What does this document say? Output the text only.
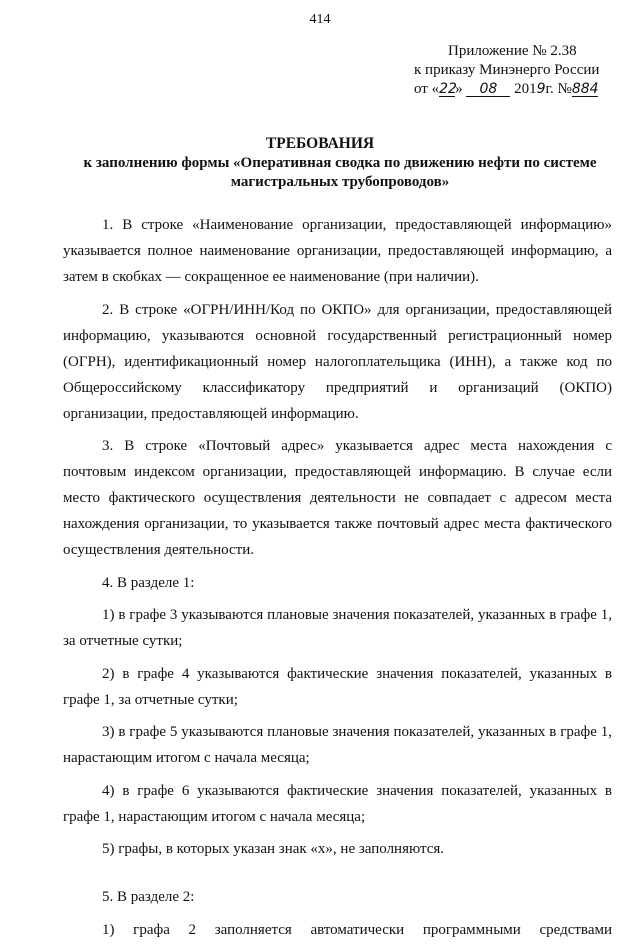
414
Приложение № 2.38
к приказу Минэнерго России
от «22» 08 2019г. №884
ТРЕБОВАНИЯ
к заполнению формы «Оперативная сводка по движению нефти по системе магистральных трубопроводов»

1. В строке «Наименование организации, предоставляющей информацию» указывается полное наименование организации, предоставляющей информацию, а затем в скобках — сокращенное ее наименование (при наличии).

2. В строке «ОГРН/ИНН/Код по ОКПО» для организации, предоставляющей информацию, указываются основной государственный регистрационный номер (ОГРН), идентификационный номер налогоплательщика (ИНН), а также код по Общероссийскому классификатору предприятий и организаций (ОКПО) организации, предоставляющей информацию.

3. В строке «Почтовый адрес» указывается адрес места нахождения с почтовым индексом организации, предоставляющей информацию. В случае если место фактического осуществления деятельности не совпадает с адресом места нахождения организации, то указывается также почтовый адрес места фактического осуществления деятельности.

4. В разделе 1:

1) в графе 3 указываются плановые значения показателей, указанных в графе 1, за отчетные сутки;

2) в графе 4 указываются фактические значения показателей, указанных в графе 1, за отчетные сутки;

3) в графе 5 указываются плановые значения показателей, указанных в графе 1, нарастающим итогом с начала месяца;

4) в графе 6 указываются фактические значения показателей, указанных в графе 1, нарастающим итогом с начала месяца;

5) графы, в которых указан знак «х», не заполняются.

5. В разделе 2:

1) графа 2 заполняется автоматически программными средствами
